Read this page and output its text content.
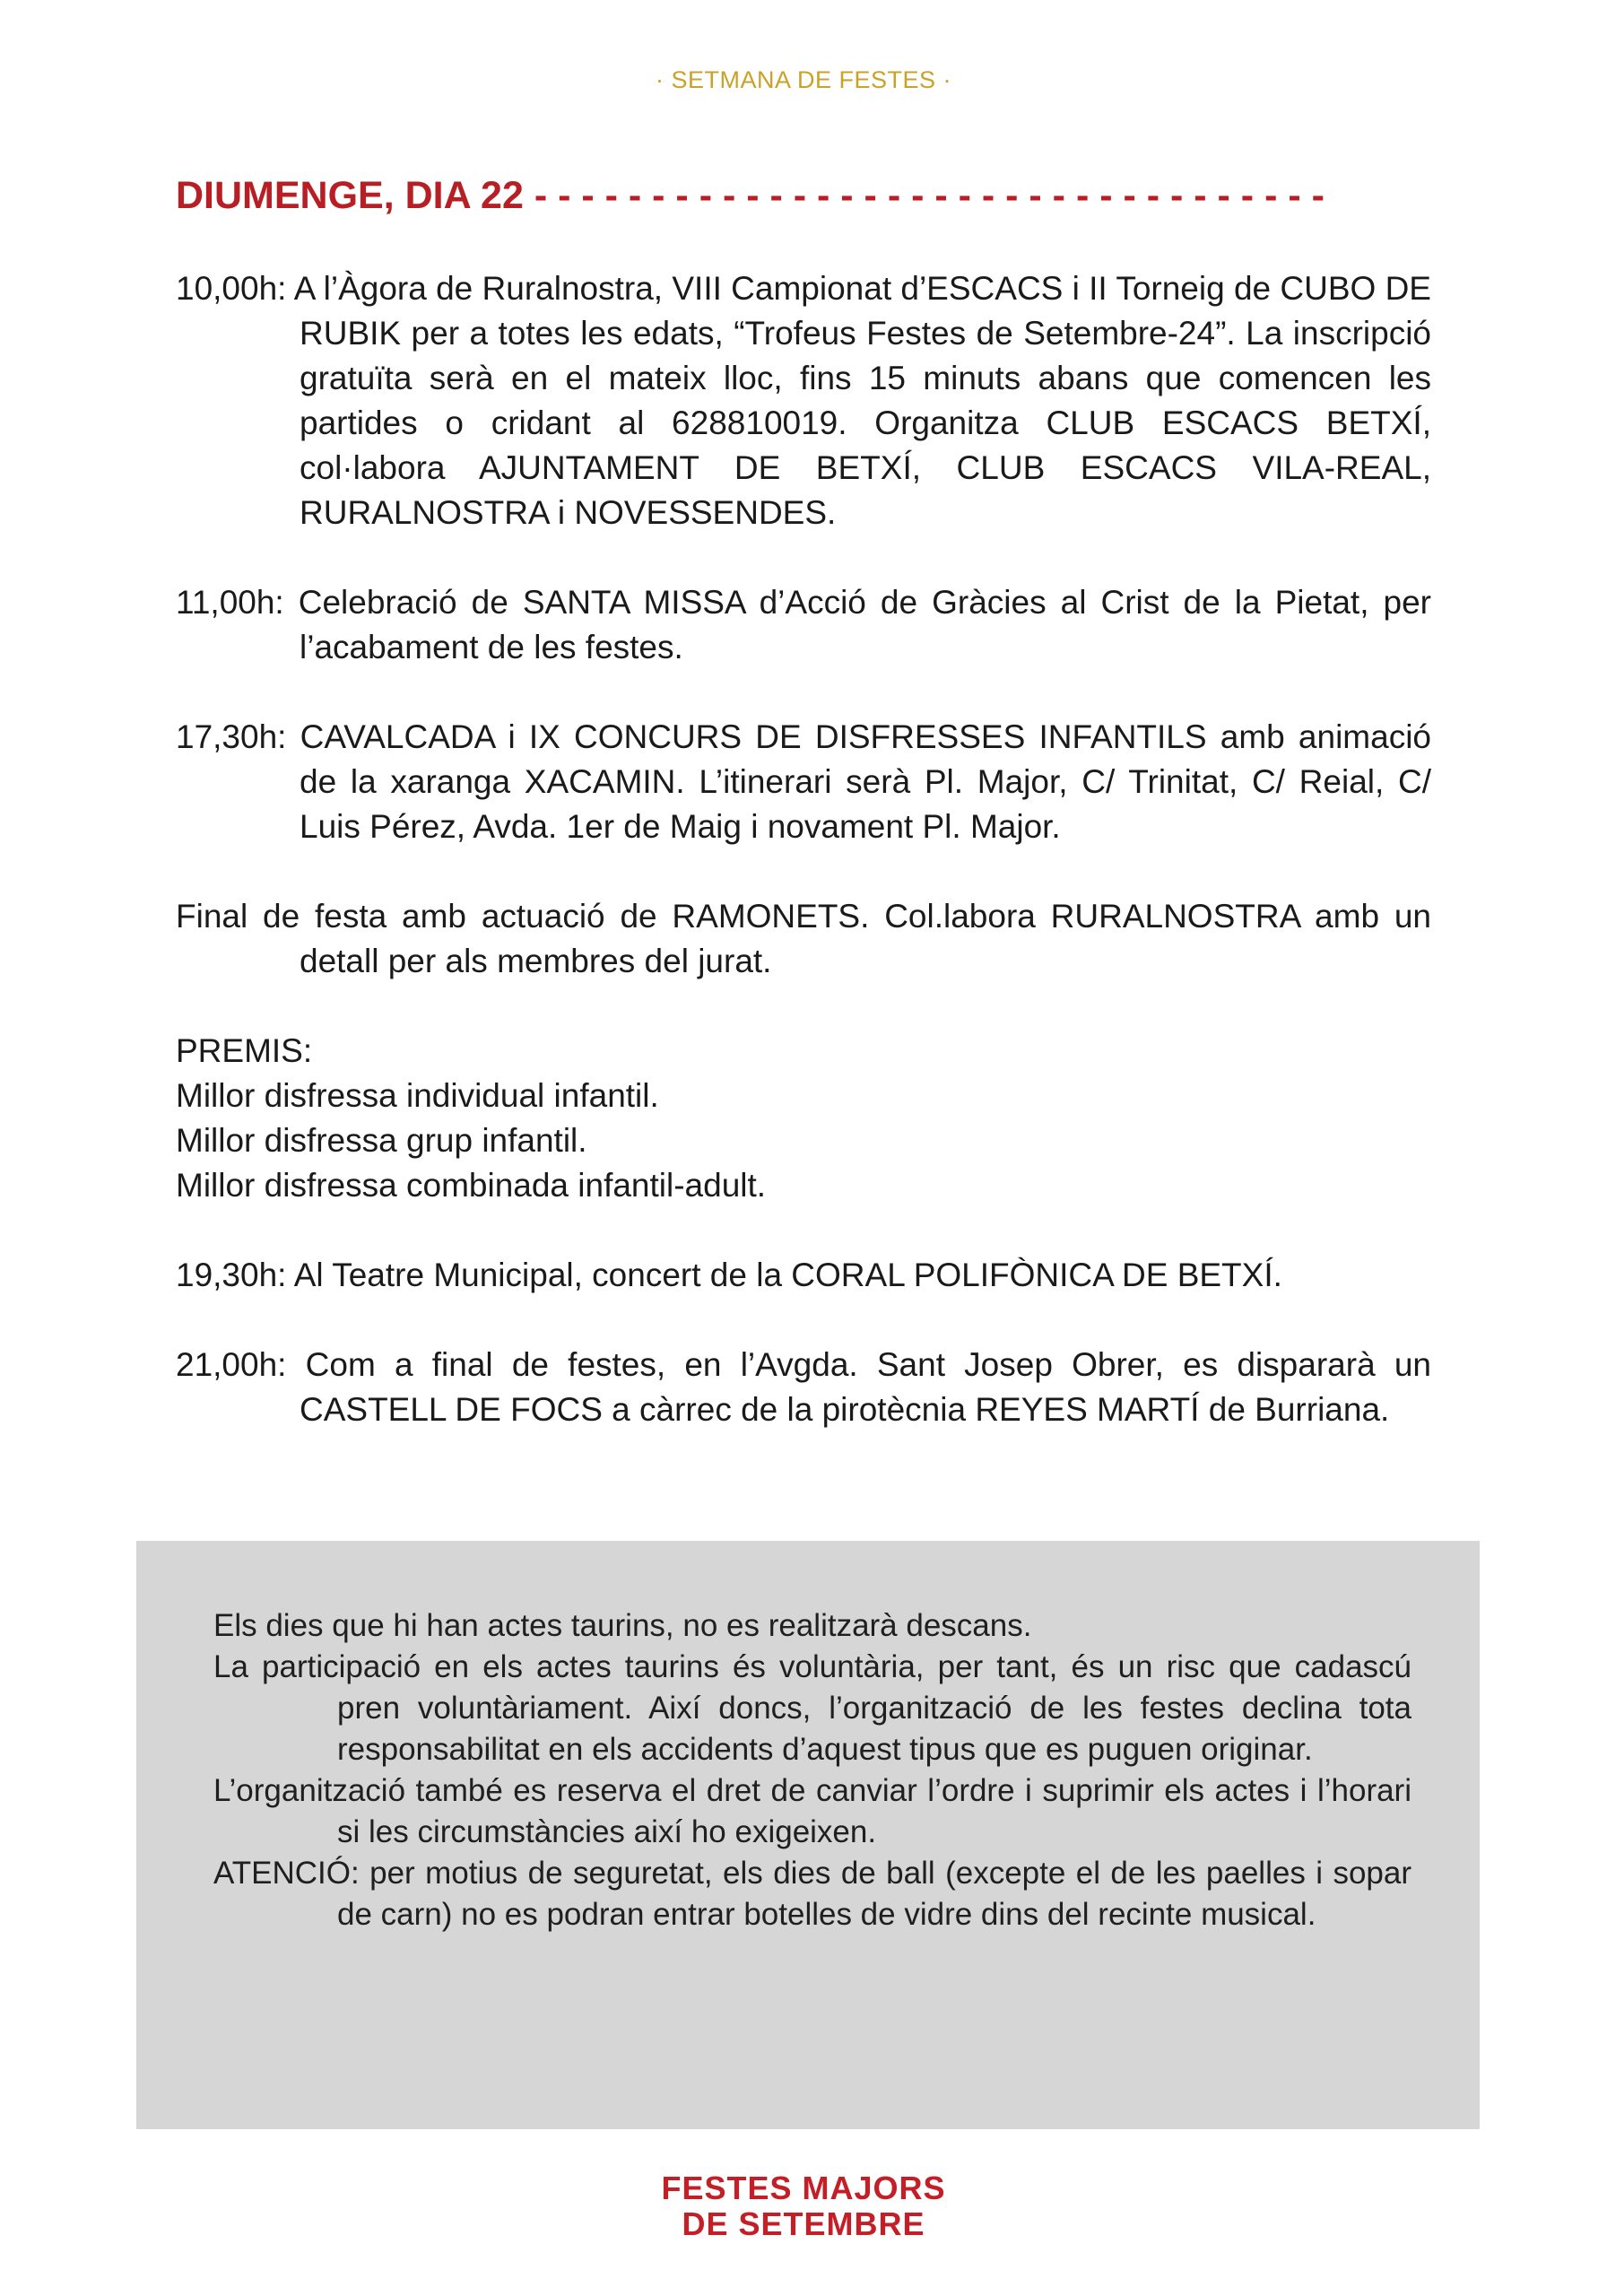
· SETMANA DE FESTES ·
DIUMENGE, DIA 22 - - - - - - - - - - - - - - - - - - - - - - - - - - - - - - - - - -

10,00h: A l’Àgora de Ruralnostra, VIII Campionat d’ESCACS i II Torneig de CUBO DE RUBIK per a totes les edats, “Trofeus Festes de Setembre-24”. La inscripció gratuïta serà en el mateix lloc, fins 15 minuts abans que comencen les partides o cridant al 628810019. Organitza CLUB ESCACS BETXÍ, col·labora AJUNTAMENT DE BETXÍ, CLUB ESCACS VILA-REAL, RURALNOSTRA i NOVESSENDES.

11,00h: Celebració de SANTA MISSA d’Acció de Gràcies al Crist de la Pietat, per l’acabament de les festes.

17,30h: CAVALCADA i IX CONCURS DE DISFRESSES INFANTILS amb animació de la xaranga XACAMIN. L’itinerari serà Pl. Major, C/ Trinitat, C/ Reial, C/ Luis Pérez, Avda. 1er de Maig i novament Pl. Major.

Final de festa amb actuació de RAMONETS. Col.labora RURALNOSTRA amb un detall per als membres del jurat.

PREMIS:
Millor disfressa individual infantil.
Millor disfressa grup infantil.
Millor disfressa combinada infantil-adult.

19,30h: Al Teatre Municipal, concert de la CORAL POLIFÒNICA DE BETXÍ.

21,00h: Com a final de festes, en l’Avgda. Sant Josep Obrer, es dispararà un CASTELL DE FOCS a càrrec de la pirotècnia REYES MARTÍ de Burriana.

Els dies que hi han actes taurins, no es realitzarà descans.

La participació en els actes taurins és voluntària, per tant, és un risc que cadascú pren voluntàriament. Així doncs, l’organització de les festes declina tota responsabilitat en els accidents d’aquest tipus que es puguen originar.

L’organització també es reserva el dret de canviar l’ordre i suprimir els actes i l’horari si les circumstàncies així ho exigeixen.

ATENCIÓ: per motius de seguretat, els dies de ball (excepte el de les paelles i sopar de carn) no es podran entrar botelles de vidre dins del recinte musical.

FESTES MAJORS
DE SETEMBRE
